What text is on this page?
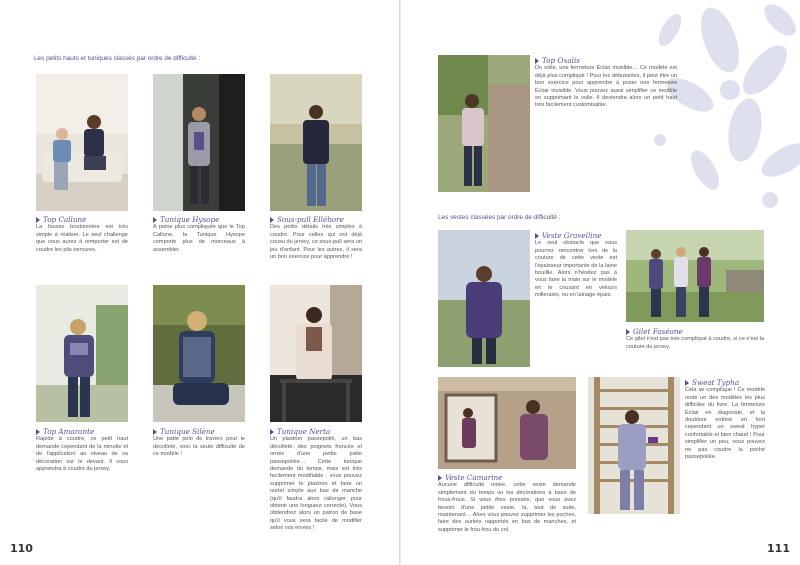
Les petits hauts et tuniques classés par ordre de difficulté :
Top Callune
La fausse boutonnière est très simple à réaliser. Le seul challenge que vous aurez à remporter est de coudre les plis nervures.
Tunique Hysope
À peine plus compliquée que le Top Callune, la Tunique Hysope comporte plus de morceaux à assembler.
Sous-pull Ellébore
Des petits détails très simples à coudre. Pour celles qui ont déjà cousu du jersey, ce sous-pull sera un jeu d'enfant. Pour les autres, il sera un bon exercice pour apprendre !
Top Amarante
Rapide à coudre, ce petit haut demande cependant de la minutie et de l'application au niveau de sa décoration sur le devant. Il vous apprendra à coudre du jersey.
Tunique Silène
Une patte polo de travers pour le décolleté, voici la seule difficulté de ce modèle !
Tunique Nerta
Un plastron passepoilé, un bas décolleté, des poignets froncés et ornés d'une petite patte passepoilée… Cette tunique demande du temps, mais est très facilement modifiable : vous pouvez supprimer le plastron et faire un ourlet simple aux bas de manche (qu'il faudra alors rallonger pour obtenir une longueur correcte). Vous obtiendrez alors un patron de base qu'il vous sera facile de modifier selon vos envies !
110
Top Oxalis
Du voile, une fermeture Éclair invisible… Ce modèle est déjà plus compliqué ! Pour les débutantes, il peut être un bon exercice pour apprendre à poser une fermeture Éclair invisible. Vous pouvez aussi simplifier ce modèle en supprimant le voile. Il deviendra alors un petit haut très facilement customisable.
Les vestes classées par ordre de difficulté :
Veste Gravelline
Le seul obstacle que vous pourrez rencontrer lors de la couture de cette veste est l'épaisseur importante de la laine bouillie. Alors n'hésitez pas à vous faire la main sur le modèle en le cousant en velours milleraies, ou en lainage épais.
Gilet Faséone
Ce gilet n'est pas très compliqué à coudre, si ce n'est la couture du jersey.
Veste Camarine
Aucune difficulté notée, cette veste demande simplement du temps vu les décorations à base de frous-frous. Si vous êtes pressée, que vous avez besoin d'une petite veste, la, tout de suite, maintenant… Alors vous pouvez supprimer les poches, faire des ourlets rapportés en bas de manches, et supprimer le frou-frou du col.
Sweat Typha
Cela se complique ! Ce modèle reste un des modèles les plus difficiles du livre. La fermeture Éclair en diagonale, et la doublure entière en font cependant un sweat hyper confortable et bien chaud ! Pour simplifier un peu, vous pouvez ne pas coudre la poche passepoilée.
111
